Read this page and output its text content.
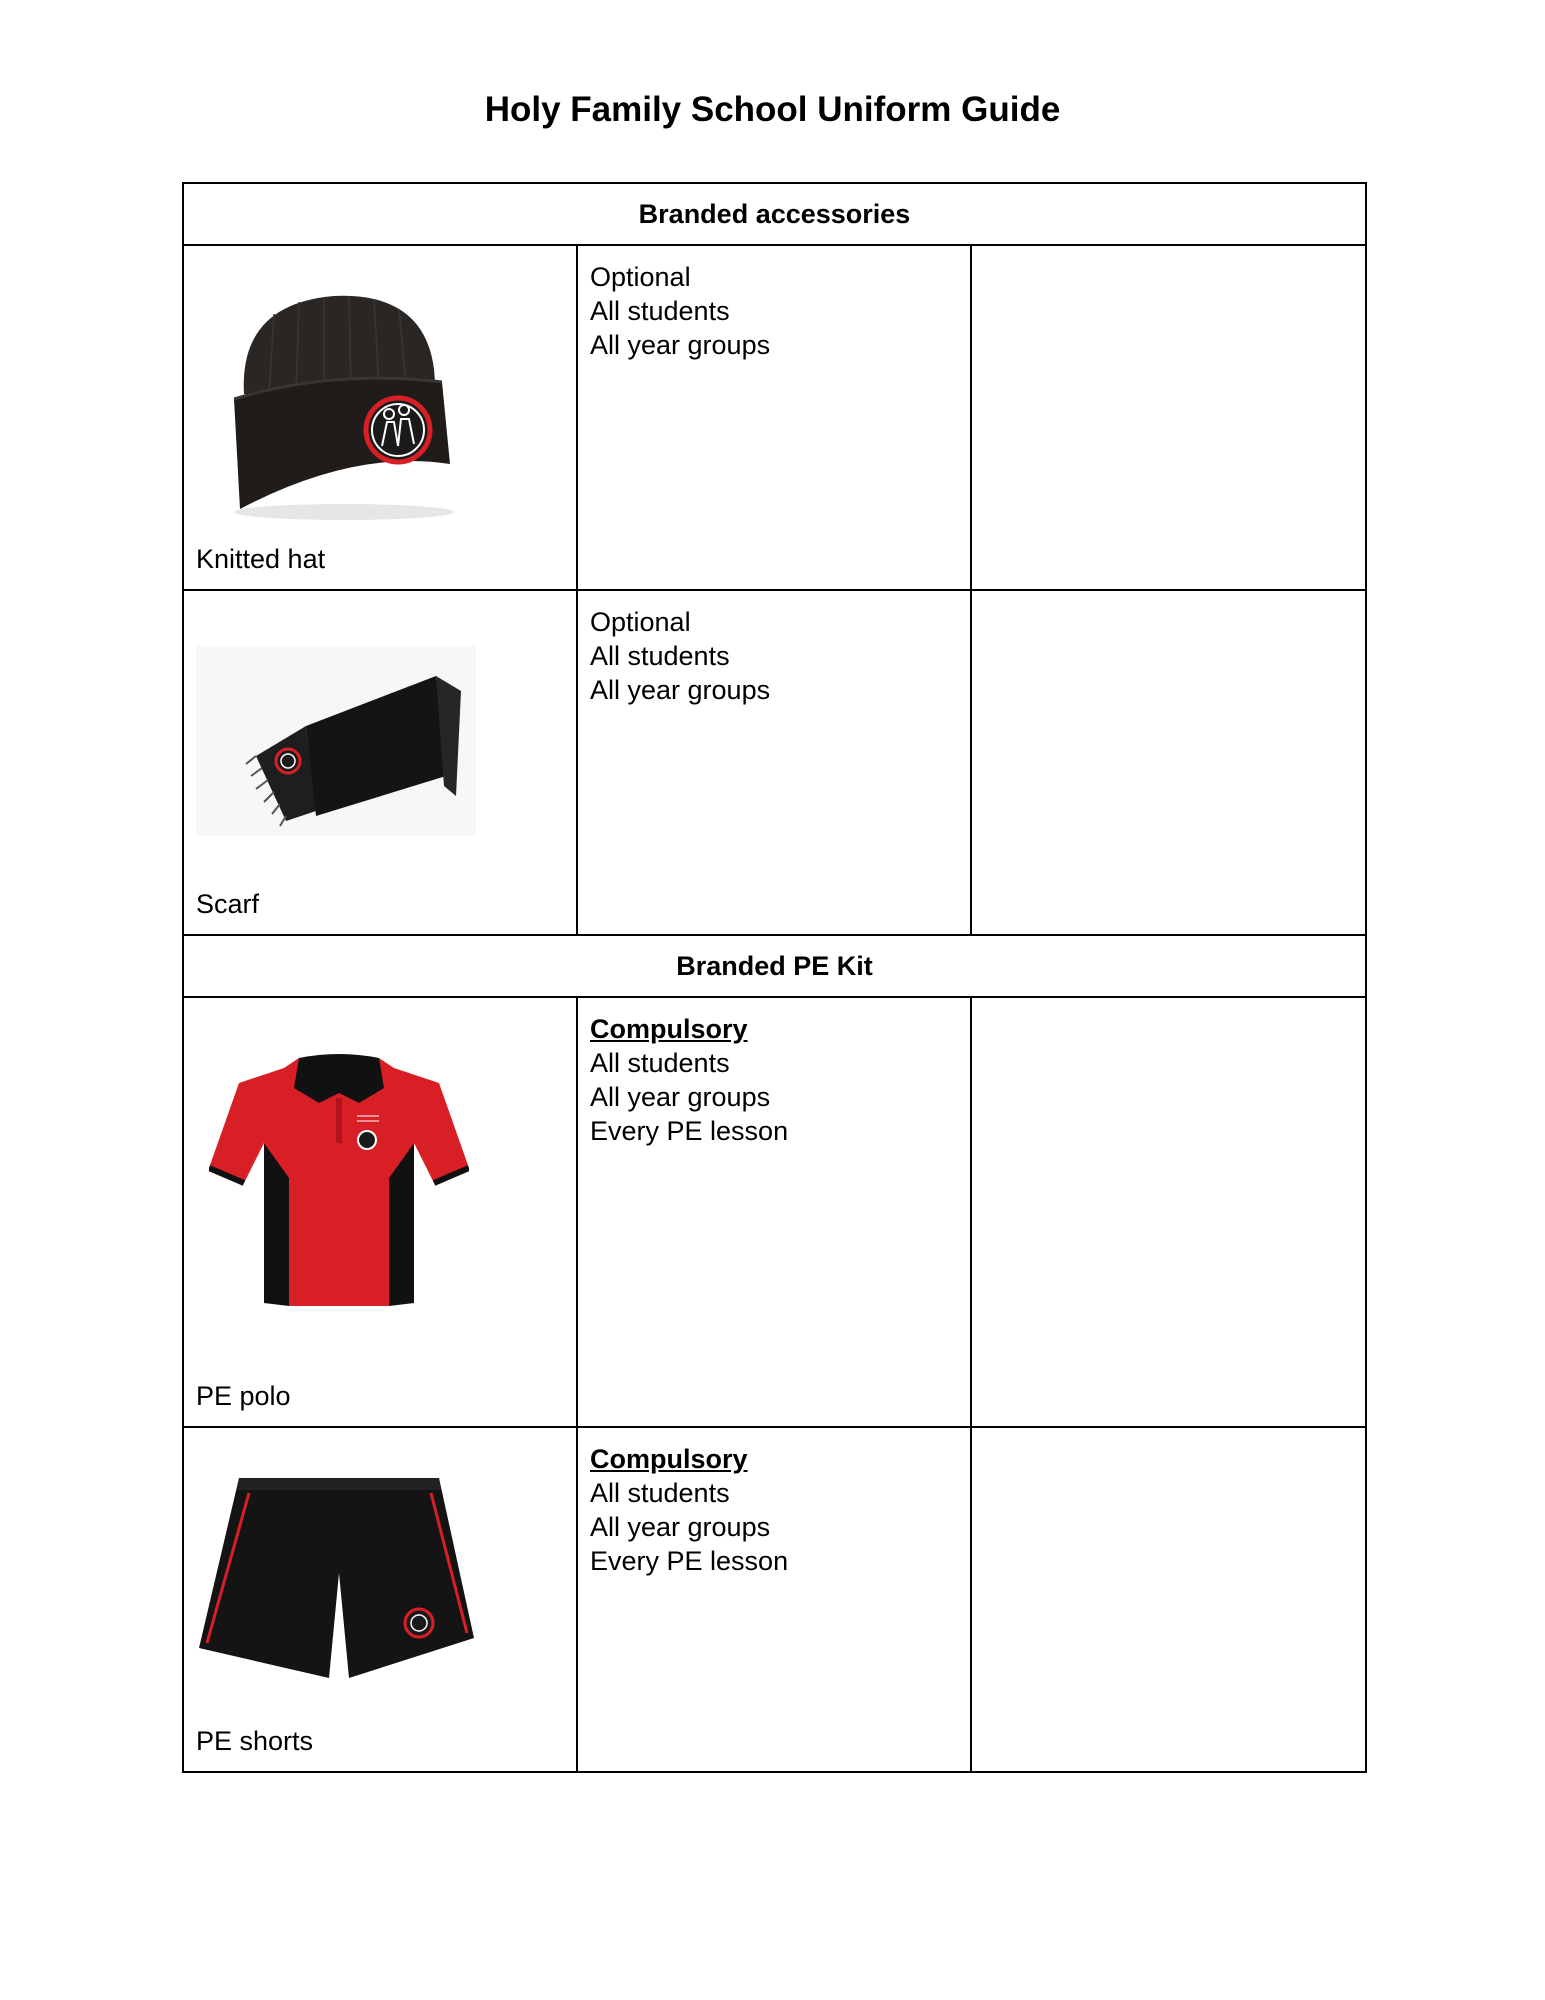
Holy Family School Uniform Guide
Branded accessories		

Knitted hat	Optional
All students
All year groups	

Scarf	Optional
All students
All year groups	

Branded PE Kit		

PE polo	Compulsory
All students
All year groups
Every PE lesson	

PE shorts	Compulsory
All students
All year groups
Every PE lesson	
